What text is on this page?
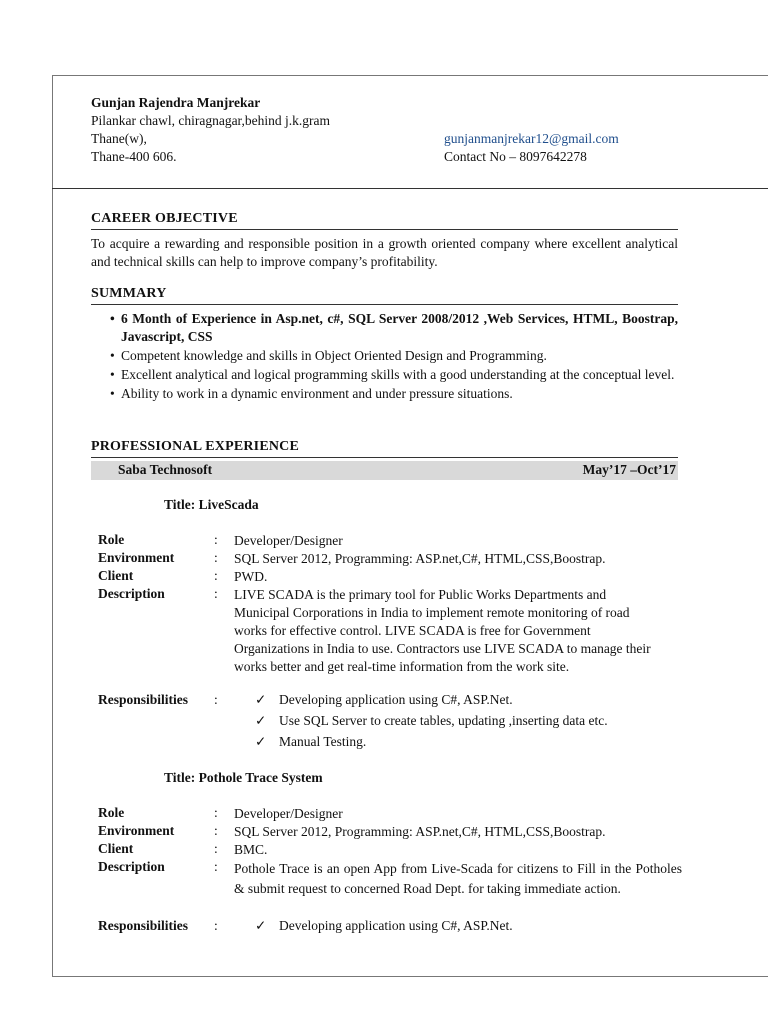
Gunjan Rajendra Manjrekar
Pilankar chawl, chiragnagar,behind j.k.gram
Thane(w),
Thane-400 606.
gunjanmanjrekar12@gmail.com
Contact No – 8097642278
CAREER OBJECTIVE
To acquire a rewarding and responsible position in a growth oriented company where excellent analytical and technical skills can help to improve company’s profitability.
SUMMARY
• 6 Month of Experience in Asp.net, c#, SQL Server 2008/2012 ,Web Services, HTML, Boostrap, Javascript, CSS
• Competent knowledge and skills in Object Oriented Design and Programming.
• Excellent analytical and logical programming skills with a good understanding at the conceptual level.
• Ability to work in a dynamic environment and under pressure situations.
PROFESSIONAL EXPERIENCE
Saba Technosoft	May’17 –Oct’17
Title: LiveScada
Role	: Developer/Designer
Environment	: SQL Server 2012, Programming: ASP.net,C#, HTML,CSS,Boostrap.
Client	: PWD.
Description	: LIVE SCADA is the primary tool for Public Works Departments and Municipal Corporations in India to implement remote monitoring of road works for effective control. LIVE SCADA is free for Government Organizations in India to use. Contractors use LIVE SCADA to manage their works better and get real-time information from the work site.
Responsibilities :	✓ Developing application using C#, ASP.Net.
✓ Use SQL Server to create tables, updating ,inserting data etc.
✓ Manual Testing.
Title: Pothole Trace System
Role	: Developer/Designer
Environment	: SQL Server 2012, Programming: ASP.net,C#, HTML,CSS,Boostrap.
Client	: BMC.
Description	: Pothole Trace is an open App from Live-Scada for citizens to Fill in the Potholes & submit request to concerned Road Dept. for taking immediate action.
Responsibilities :	✓ Developing application using C#, ASP.Net.
